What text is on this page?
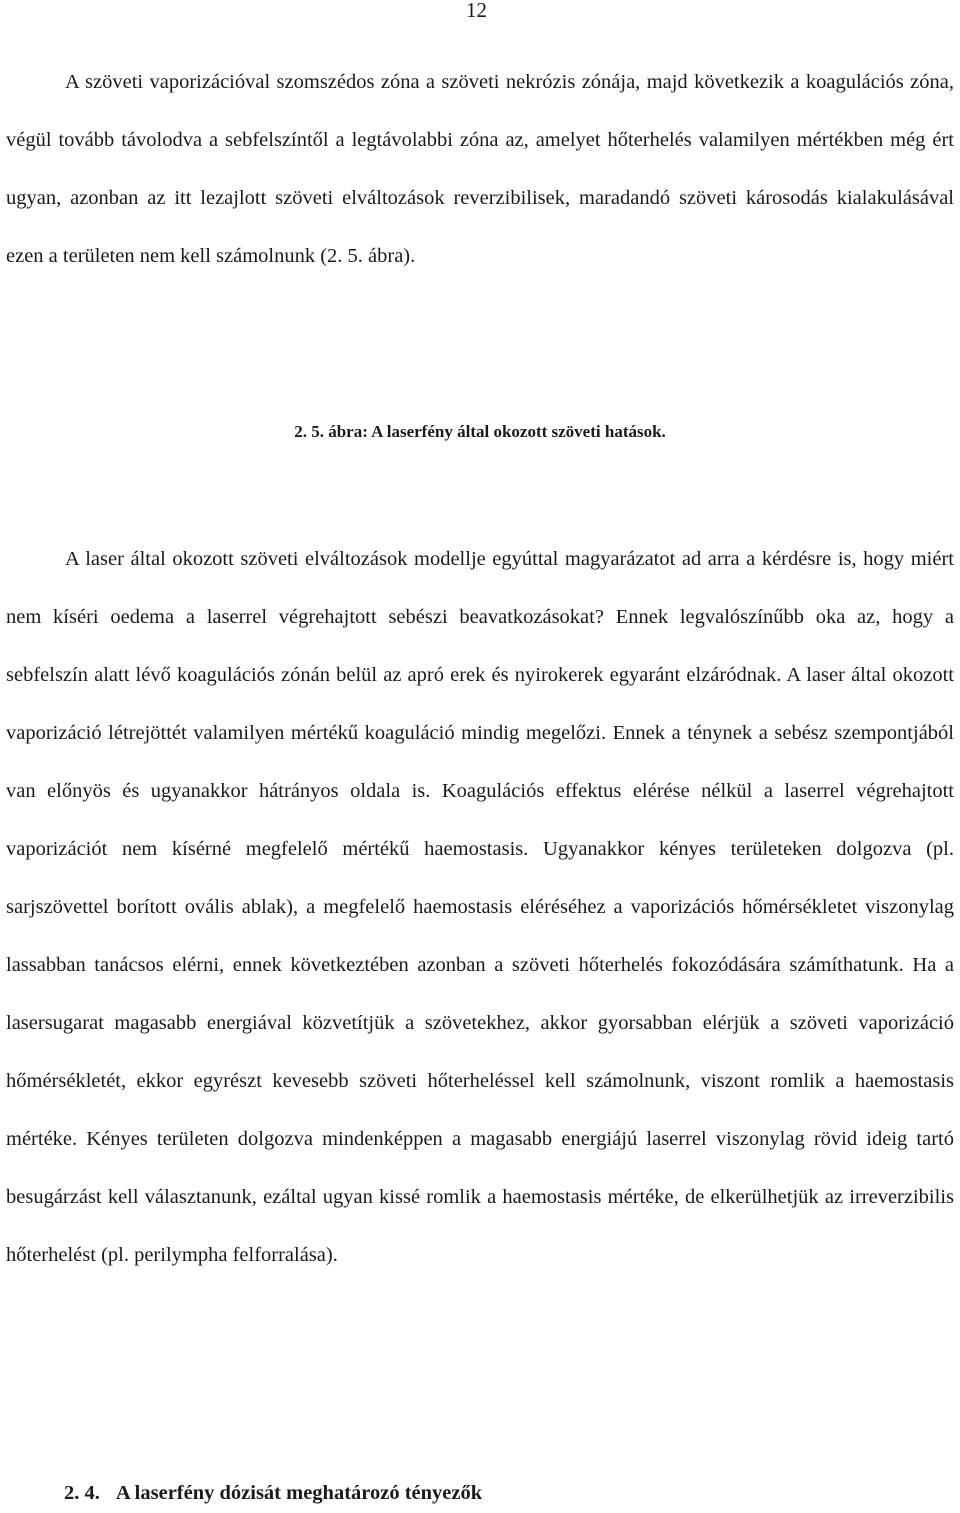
12

A szöveti vaporizációval szomszédos zóna a szöveti nekrózis zónája, majd következik a koagulációs zóna, végül tovább távolodva a sebfelszíntől a legtávolabbi zóna az, amelyet hőterhelés valamilyen mértékben még ért ugyan, azonban az itt lezajlott szöveti elváltozások reverzibilisek, maradandó szöveti károsodás kialakulásával ezen a területen nem kell számolnunk (2. 5. ábra).

2. 5. ábra: A laserfény által okozott szöveti hatások.

A laser által okozott szöveti elváltozások modellje egyúttal magyarázatot ad arra a kérdésre is, hogy miért nem kíséri oedema a laserrel végrehajtott sebészi beavatkozásokat? Ennek legvalószínűbb oka az, hogy a sebfelszín alatt lévő koagulációs zónán belül az apró erek és nyirokerek egyaránt elzáródnak. A laser által okozott vaporizáció létrejöttét valamilyen mértékű koaguláció mindig megelőzi. Ennek a ténynek a sebész szempontjából van előnyös és ugyanakkor hátrányos oldala is. Koagulációs effektus elérése nélkül a laserrel végrehajtott vaporizációt nem kísérné megfelelő mértékű haemostasis. Ugyanakkor kényes területeken dolgozva (pl. sarjszövettel borított ovális ablak), a megfelelő haemostasis eléréséhez a vaporizációs hőmérsékletet viszonylag lassabban tanácsos elérni, ennek következtében azonban a szöveti hőterhelés fokozódására számíthatunk. Ha a lasersugarat magasabb energiával közvetítjük a szövetekhez, akkor gyorsabban elérjük a szöveti vaporizáció hőmérsékletét, ekkor egyrészt kevesebb szöveti hőterheléssel kell számolnunk, viszont romlik a haemostasis mértéke. Kényes területen dolgozva mindenképpen a magasabb energiájú laserrel viszonylag rövid ideig tartó besugárzást kell választanunk, ezáltal ugyan kissé romlik a haemostasis mértéke, de elkerülhetjük az irreverzibilis hőterhelést (pl. perilympha felforralása).

2. 4. A laserfény dózisát meghatározó tényezők
